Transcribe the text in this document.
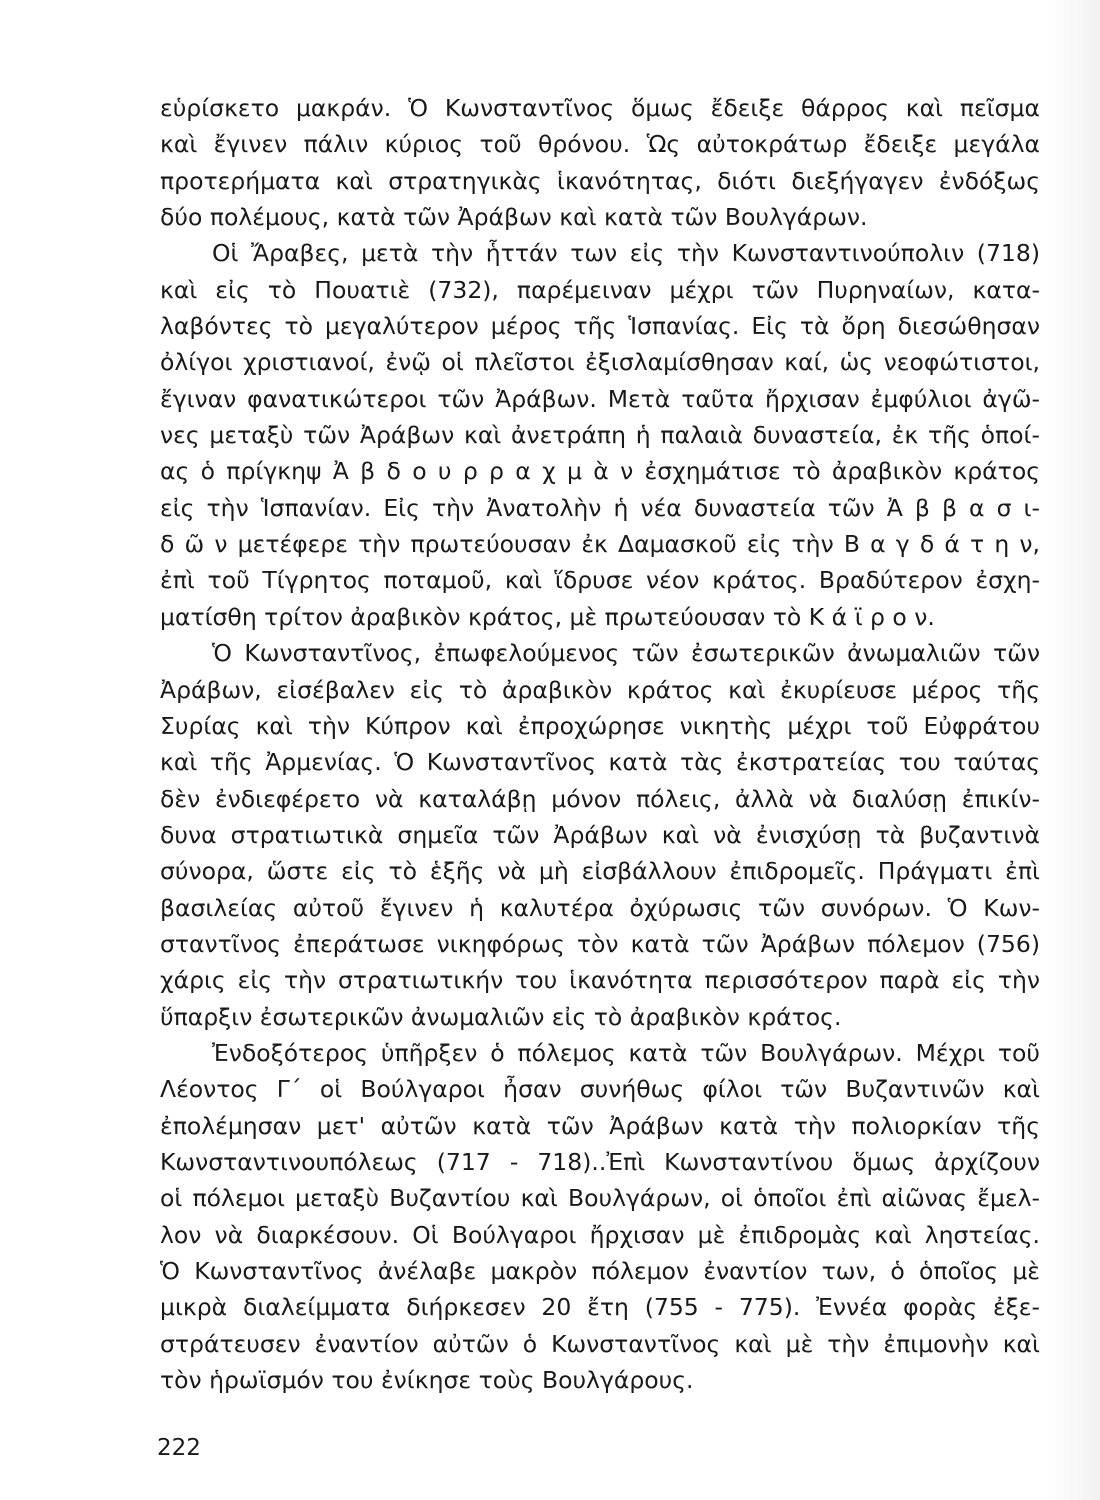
εὑρίσκετο μακράν. Ὁ Κωνσταντῖνος ὅμως ἔδειξε θάρρος καὶ πεῖσμα
καὶ ἔγινεν πάλιν κύριος τοῦ θρόνου. Ὡς αὐτοκράτωρ ἔδειξε μεγάλα
προτερήματα καὶ στρατηγικὰς ἱκανότητας, διότι διεξήγαγεν ἐνδόξως
δύο πολέμους, κατὰ τῶν Ἀράβων καὶ κατὰ τῶν Βουλγάρων.
Οἱ Ἄραβες, μετὰ τὴν ἧττάν των εἰς τὴν Κωνσταντινούπολιν (718)
καὶ εἰς τὸ Πουατιὲ (732), παρέμειναν μέχρι τῶν Πυρηναίων, κατα-
λαβόντες τὸ μεγαλύτερον μέρος τῆς Ἱσπανίας. Εἰς τὰ ὄρη διεσώθησαν
ὀλίγοι χριστιανοί, ἐνῷ οἱ πλεῖστοι ἐξισλαμίσθησαν καί, ὡς νεοφώτιστοι,
ἔγιναν φανατικώτεροι τῶν Ἀράβων. Μετὰ ταῦτα ἤρχισαν ἐμφύλιοι ἀγῶ-
νες μεταξὺ τῶν Ἀράβων καὶ ἀνετράπη ἡ παλαιὰ δυναστεία, ἐκ τῆς ὁποί-
ας ὁ πρίγκηψ Ἀ β δ ο υ ρ ρ α χ μ ὰ ν ἐσχημάτισε τὸ ἀραβικὸν κράτος
εἰς τὴν Ἱσπανίαν. Εἰς τὴν Ἀνατολὴν ἡ νέα δυναστεία τῶν Ἀ β β α σ ι-
δ ῶ ν μετέφερε τὴν πρωτεύουσαν ἐκ Δαμασκοῦ εἰς τὴν Β α γ δ ά τ η ν,
ἐπὶ τοῦ Τίγρητος ποταμοῦ, καὶ ἵδρυσε νέον κράτος. Βραδύτερον ἐσχη-
ματίσθη τρίτον ἀραβικὸν κράτος, μὲ πρωτεύουσαν τὸ Κ ά ϊ ρ ο ν.
Ὁ Κωνσταντῖνος, ἐπωφελούμενος τῶν ἐσωτερικῶν ἀνωμαλιῶν τῶν
Ἀράβων, εἰσέβαλεν εἰς τὸ ἀραβικὸν κράτος καὶ ἐκυρίευσε μέρος τῆς
Συρίας καὶ τὴν Κύπρον καὶ ἐπροχώρησε νικητὴς μέχρι τοῦ Εὐφράτου
καὶ τῆς Ἀρμενίας. Ὁ Κωνσταντῖνος κατὰ τὰς ἐκστρατείας του ταύτας
δὲν ἐνδιεφέρετο νὰ καταλάβῃ μόνον πόλεις, ἀλλὰ νὰ διαλύσῃ ἐπικίν-
δυνα στρατιωτικὰ σημεῖα τῶν Ἀράβων καὶ νὰ ἐνισχύσῃ τὰ βυζαντινὰ
σύνορα, ὥστε εἰς τὸ ἑξῆς νὰ μὴ εἰσβάλλουν ἐπιδρομεῖς. Πράγματι ἐπὶ
βασιλείας αὐτοῦ ἔγινεν ἡ καλυτέρα ὀχύρωσις τῶν συνόρων. Ὁ Κων-
σταντῖνος ἐπεράτωσε νικηφόρως τὸν κατὰ τῶν Ἀράβων πόλεμον (756)
χάρις εἰς τὴν στρατιωτικήν του ἱκανότητα περισσότερον παρὰ εἰς τὴν
ὕπαρξιν ἐσωτερικῶν ἀνωμαλιῶν εἰς τὸ ἀραβικὸν κράτος.
Ἐνδοξότερος ὑπῆρξεν ὁ πόλεμος κατὰ τῶν Βουλγάρων. Μέχρι τοῦ
Λέοντος Γ΄ οἱ Βούλγαροι ἦσαν συνήθως φίλοι τῶν Βυζαντινῶν καὶ
ἐπολέμησαν μετ' αὐτῶν κατὰ τῶν Ἀράβων κατὰ τὴν πολιορκίαν τῆς
Κωνσταντινουπόλεως (717 - 718)..Ἐπὶ Κωνσταντίνου ὅμως ἀρχίζουν
οἱ πόλεμοι μεταξὺ Βυζαντίου καὶ Βουλγάρων, οἱ ὁποῖοι ἐπὶ αἰῶνας ἔμελ-
λον νὰ διαρκέσουν. Οἱ Βούλγαροι ἤρχισαν μὲ ἐπιδρομὰς καὶ ληστείας.
Ὁ Κωνσταντῖνος ἀνέλαβε μακρὸν πόλεμον ἐναντίον των, ὁ ὁποῖος μὲ
μικρὰ διαλείμματα διήρκεσεν 20 ἔτη (755 - 775). Ἐννέα φορὰς ἐξε-
στράτευσεν ἐναντίον αὐτῶν ὁ Κωνσταντῖνος καὶ μὲ τὴν ἐπιμονὴν καὶ
τὸν ἡρωϊσμόν του ἐνίκησε τοὺς Βουλγάρους.
222
